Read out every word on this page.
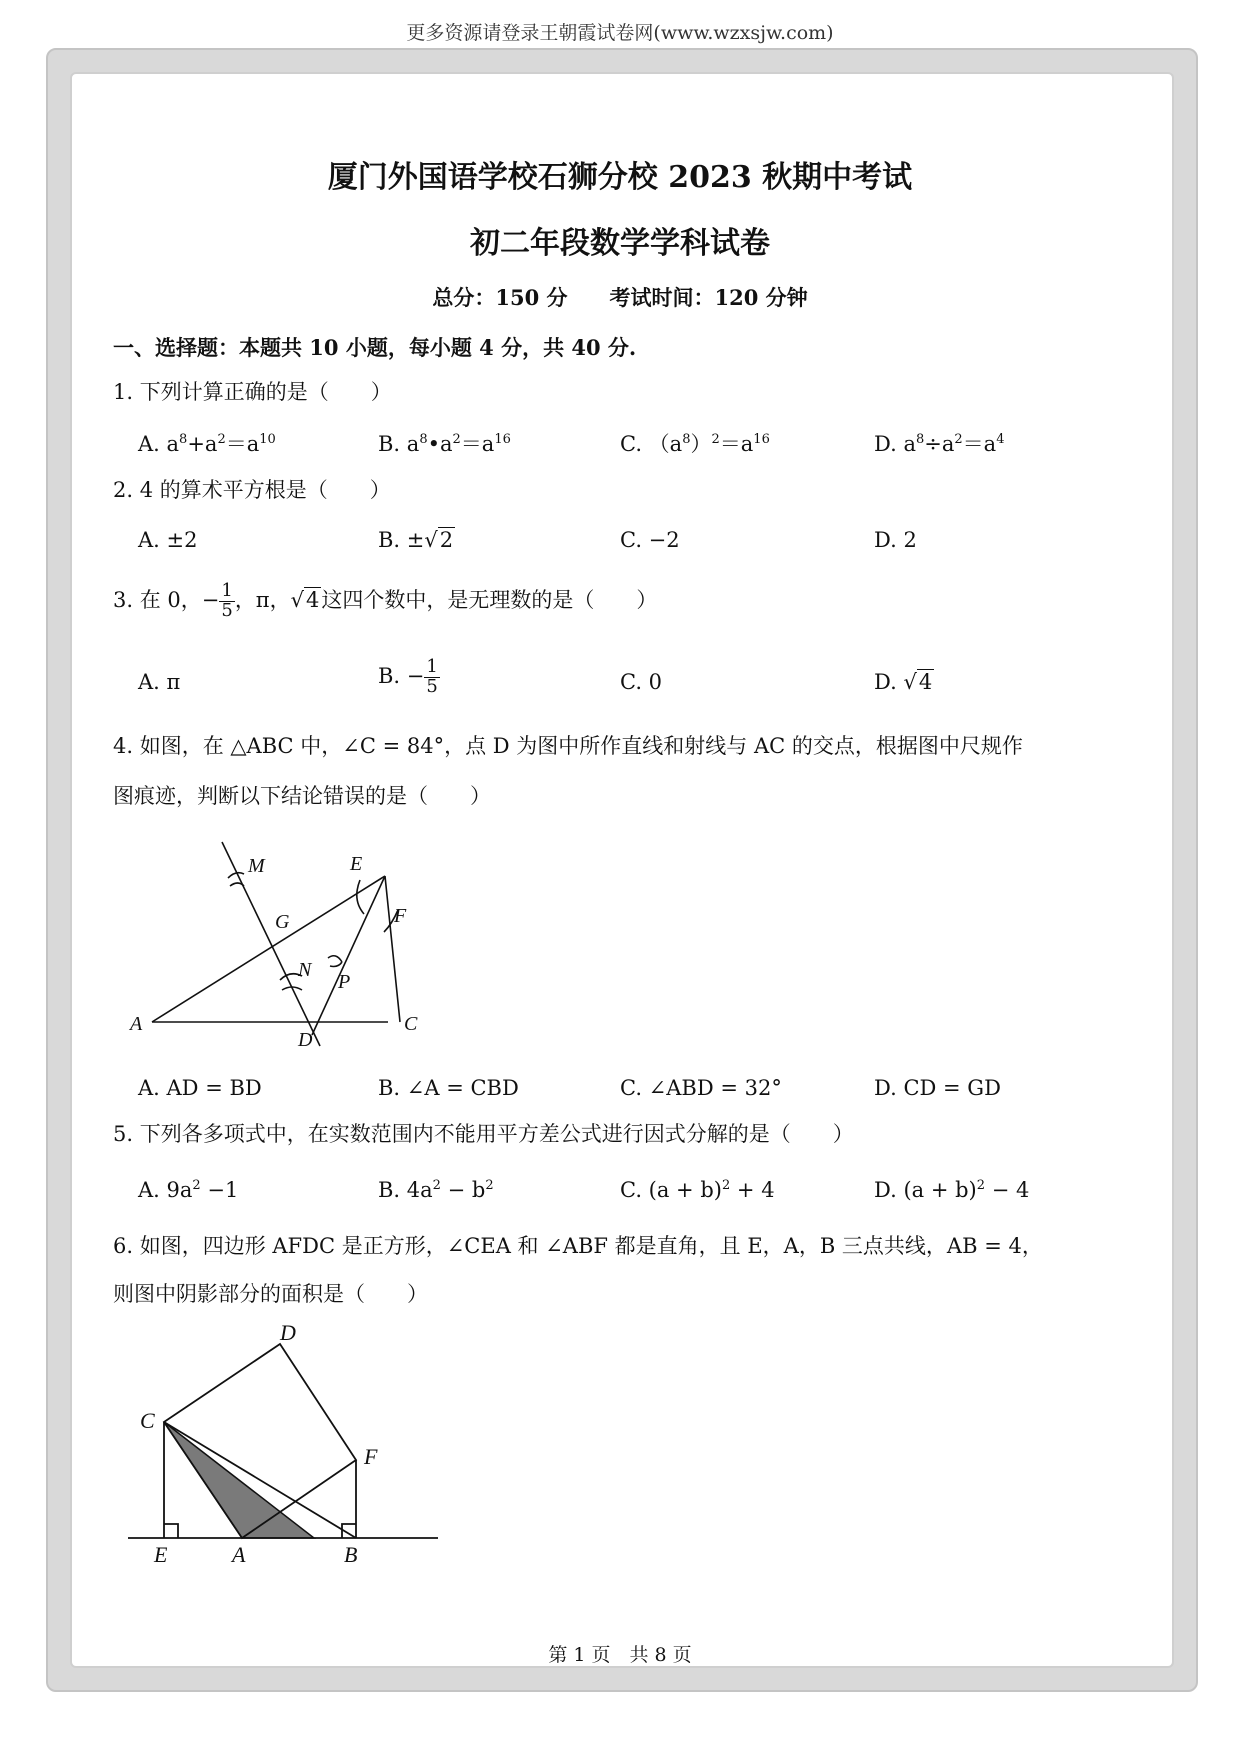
更多资源请登录王朝霞试卷网(www.wzxsjw.com)
厦门外国语学校石狮分校 2023 秋期中考试
初二年段数学学科试卷
总分：150 分　　考试时间：120 分钟
一、选择题：本题共 10 小题，每小题 4 分，共 40 分.
1. 下列计算正确的是（　　）
A. $a^8+a^2=a^{10}$	B. $a^8•a^2=a^{16}$	C. $(a^8)^2=a^{16}$	D. $a^8\div a^2=a^4$
2. 4 的算术平方根是（　　）
A. ±2	B. ±√2	C. −2	D. 2
3. 在 0，− $\frac{1}{5}$ ，π，√4这四个数中，是无理数的是（　　）
A. π	B. − $\frac{1}{5}$	C. 0	D. √4
4. 如图，在 △ABC 中，∠C = 84°，点 D 为图中所作直线和射线与 AC 的交点，根据图中尺规作
图痕迹，判断以下结论错误的是（　　）
M	E
F
G
N
P
A
D
C
A. AD = BD	B. ∠A = CBD	C. ∠ABD = 32°	D. CD = GD
5. 下列各多项式中，在实数范围内不能用平方差公式进行因式分解的是（　　）
A. $9a^2 -1$	B. $4a^2 - b^2$	C. $(a + b)^2 + 4$	D. $(a + b)^2 - 4$
6. 如图，四边形 AFDC 是正方形，∠CEA 和 ∠ABF 都是直角，且 E，A，B 三点共线，AB = 4，
则图中阴影部分的面积是（　　）
D
C
F
E	A	B
第 1 页　共 8 页
